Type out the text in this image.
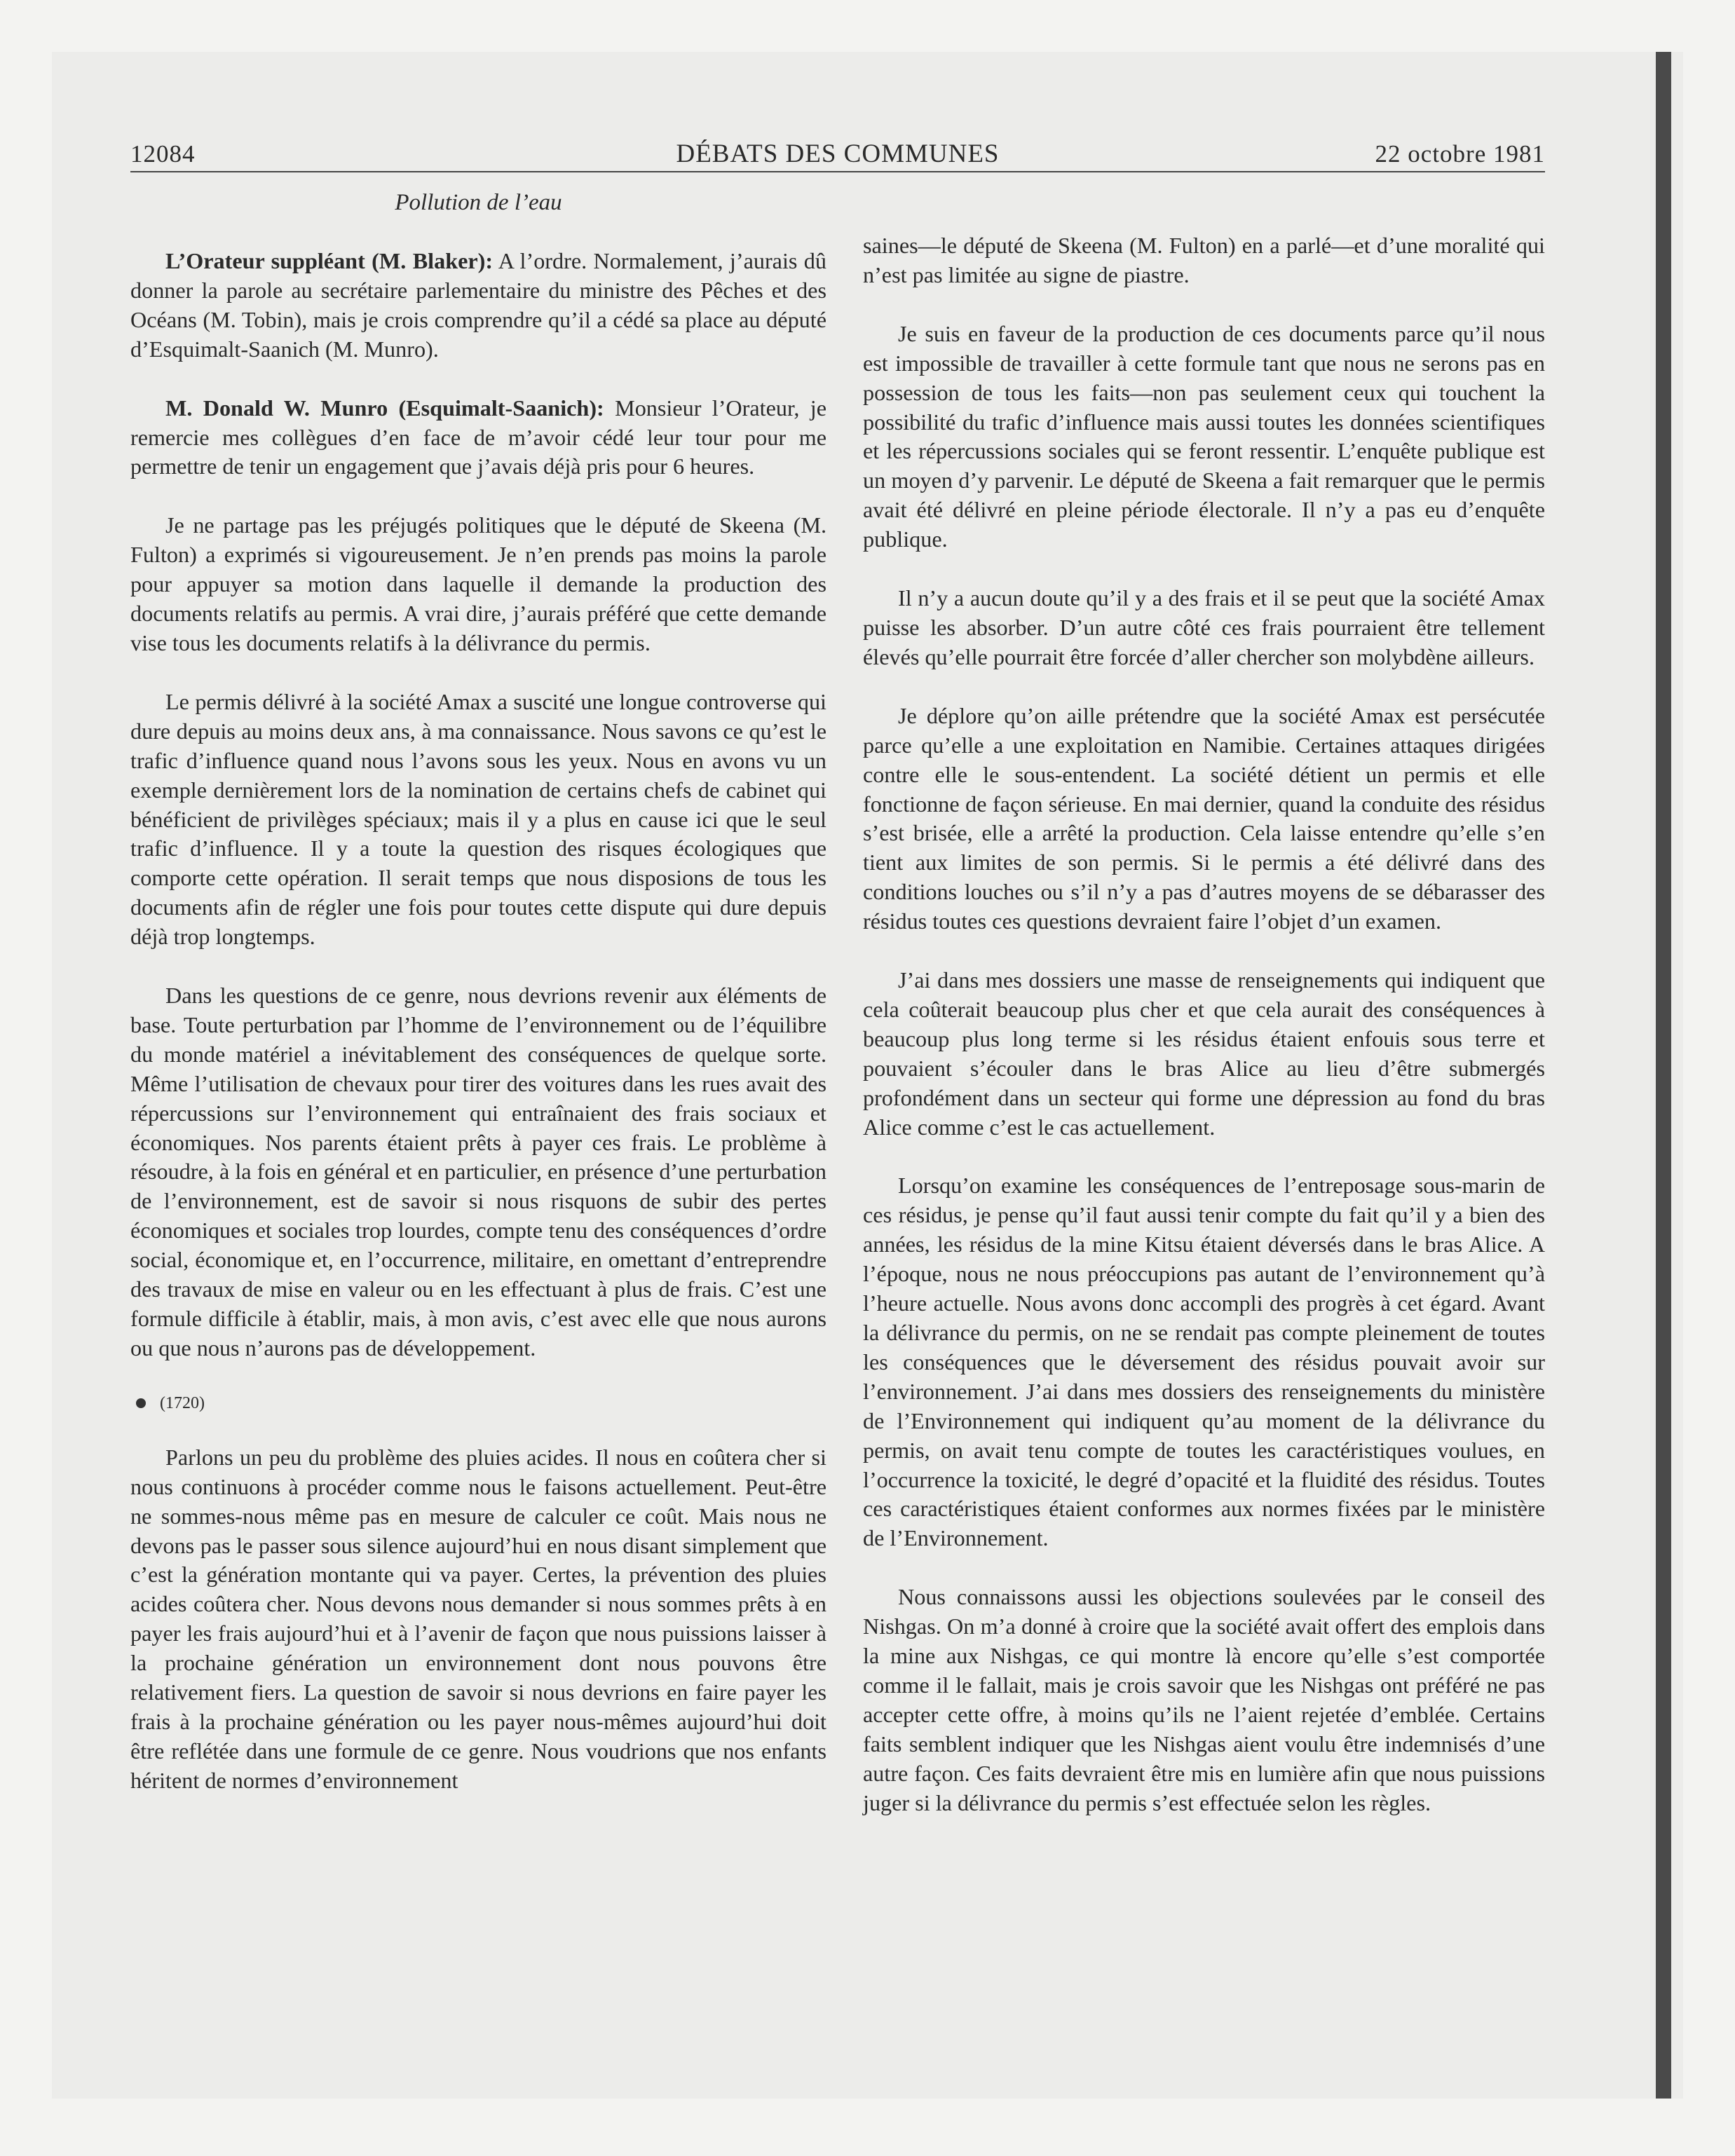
DÉBATS DES COMMUNES
12084	22 octobre 1981

Pollution de l’eau

L’Orateur suppléant (M. Blaker): A l’ordre. Normalement, j’aurais dû donner la parole au secrétaire parlementaire du ministre des Pêches et des Océans (M. Tobin), mais je crois comprendre qu’il a cédé sa place au député d’Esquimalt-Saanich (M. Munro).

M. Donald W. Munro (Esquimalt-Saanich): Monsieur l’Orateur, je remercie mes collègues d’en face de m’avoir cédé leur tour pour me permettre de tenir un engagement que j’avais déjà pris pour 6 heures.

Je ne partage pas les préjugés politiques que le député de Skeena (M. Fulton) a exprimés si vigoureusement. Je n’en prends pas moins la parole pour appuyer sa motion dans laquelle il demande la production des documents relatifs au permis. A vrai dire, j’aurais préféré que cette demande vise tous les documents relatifs à la délivrance du permis.

Le permis délivré à la société Amax a suscité une longue controverse qui dure depuis au moins deux ans, à ma connaissance. Nous savons ce qu’est le trafic d’influence quand nous l’avons sous les yeux. Nous en avons vu un exemple dernièrement lors de la nomination de certains chefs de cabinet qui bénéficient de privilèges spéciaux; mais il y a plus en cause ici que le seul trafic d’influence. Il y a toute la question des risques écologiques que comporte cette opération. Il serait temps que nous disposions de tous les documents afin de régler une fois pour toutes cette dispute qui dure depuis déjà trop longtemps.

Dans les questions de ce genre, nous devrions revenir aux éléments de base. Toute perturbation par l’homme de l’environnement ou de l’équilibre du monde matériel a inévitablement des conséquences de quelque sorte. Même l’utilisation de chevaux pour tirer des voitures dans les rues avait des répercussions sur l’environnement qui entraînaient des frais sociaux et économiques. Nos parents étaient prêts à payer ces frais. Le problème à résoudre, à la fois en général et en particulier, en présence d’une perturbation de l’environnement, est de savoir si nous risquons de subir des pertes économiques et sociales trop lourdes, compte tenu des conséquences d’ordre social, économique et, en l’occurrence, militaire, en omettant d’entreprendre des travaux de mise en valeur ou en les effectuant à plus de frais. C’est une formule difficile à établir, mais, à mon avis, c’est avec elle que nous aurons ou que nous n’aurons pas de développement.

(1720)

Parlons un peu du problème des pluies acides. Il nous en coûtera cher si nous continuons à procéder comme nous le faisons actuellement. Peut-être ne sommes-nous même pas en mesure de calculer ce coût. Mais nous ne devons pas le passer sous silence aujourd’hui en nous disant simplement que c’est la génération montante qui va payer. Certes, la prévention des pluies acides coûtera cher. Nous devons nous demander si nous sommes prêts à en payer les frais aujourd’hui et à l’avenir de façon que nous puissions laisser à la prochaine génération un environnement dont nous pouvons être relativement fiers. La question de savoir si nous devrions en faire payer les frais à la prochaine génération ou les payer nous-mêmes aujourd’hui doit être reflétée dans une formule de ce genre. Nous voudrions que nos enfants héritent de normes d’environnement

saines—le député de Skeena (M. Fulton) en a parlé—et d’une moralité qui n’est pas limitée au signe de piastre.

Je suis en faveur de la production de ces documents parce qu’il nous est impossible de travailler à cette formule tant que nous ne serons pas en possession de tous les faits—non pas seulement ceux qui touchent la possibilité du trafic d’influence mais aussi toutes les données scientifiques et les répercussions sociales qui se feront ressentir. L’enquête publique est un moyen d’y parvenir. Le député de Skeena a fait remarquer que le permis avait été délivré en pleine période électorale. Il n’y a pas eu d’enquête publique.

Il n’y a aucun doute qu’il y a des frais et il se peut que la société Amax puisse les absorber. D’un autre côté ces frais pourraient être tellement élevés qu’elle pourrait être forcée d’aller chercher son molybdène ailleurs.

Je déplore qu’on aille prétendre que la société Amax est persécutée parce qu’elle a une exploitation en Namibie. Certaines attaques dirigées contre elle le sous-entendent. La société détient un permis et elle fonctionne de façon sérieuse. En mai dernier, quand la conduite des résidus s’est brisée, elle a arrêté la production. Cela laisse entendre qu’elle s’en tient aux limites de son permis. Si le permis a été délivré dans des conditions louches ou s’il n’y a pas d’autres moyens de se débarasser des résidus toutes ces questions devraient faire l’objet d’un examen.

J’ai dans mes dossiers une masse de renseignements qui indiquent que cela coûterait beaucoup plus cher et que cela aurait des conséquences à beaucoup plus long terme si les résidus étaient enfouis sous terre et pouvaient s’écouler dans le bras Alice au lieu d’être submergés profondément dans un secteur qui forme une dépression au fond du bras Alice comme c’est le cas actuellement.

Lorsqu’on examine les conséquences de l’entreposage sous-marin de ces résidus, je pense qu’il faut aussi tenir compte du fait qu’il y a bien des années, les résidus de la mine Kitsu étaient déversés dans le bras Alice. A l’époque, nous ne nous préoccupions pas autant de l’environnement qu’à l’heure actuelle. Nous avons donc accompli des progrès à cet égard. Avant la délivrance du permis, on ne se rendait pas compte pleinement de toutes les conséquences que le déversement des résidus pouvait avoir sur l’environnement. J’ai dans mes dossiers des renseignements du ministère de l’Environnement qui indiquent qu’au moment de la délivrance du permis, on avait tenu compte de toutes les caractéristiques voulues, en l’occurrence la toxicité, le degré d’opacité et la fluidité des résidus. Toutes ces caractéristiques étaient conformes aux normes fixées par le ministère de l’Environnement.

Nous connaissons aussi les objections soulevées par le conseil des Nishgas. On m’a donné à croire que la société avait offert des emplois dans la mine aux Nishgas, ce qui montre là encore qu’elle s’est comportée comme il le fallait, mais je crois savoir que les Nishgas ont préféré ne pas accepter cette offre, à moins qu’ils ne l’aient rejetée d’emblée. Certains faits semblent indiquer que les Nishgas aient voulu être indemnisés d’une autre façon. Ces faits devraient être mis en lumière afin que nous puissions juger si la délivrance du permis s’est effectuée selon les règles.
